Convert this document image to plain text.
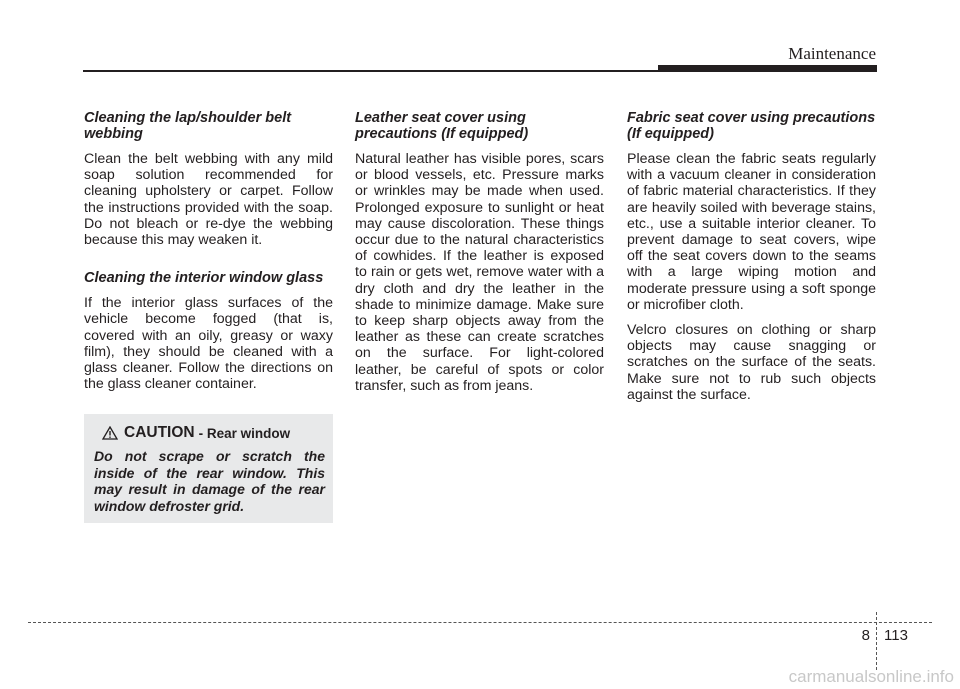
Maintenance
Cleaning the lap/shoulder belt webbing

Clean the belt webbing with any mild soap solution recommended for cleaning upholstery or carpet. Follow the instructions provided with the soap. Do not bleach or re-dye the webbing because this may weaken it.

Cleaning the interior window glass

If the interior glass surfaces of the vehicle become fogged (that is, covered with an oily, greasy or waxy film), they should be cleaned with a glass cleaner. Follow the directions on the glass cleaner container.

CAUTION - Rear window

Do not scrape or scratch the inside of the rear window. This may result in damage of the rear window defroster grid.

Leather seat cover using precautions (If equipped)

Natural leather has visible pores, scars or blood vessels, etc. Pressure marks or wrinkles may be made when used. Prolonged exposure to sunlight or heat may cause discoloration. These things occur due to the natural characteristics of cowhides. If the leather is exposed to rain or gets wet, remove water with a dry cloth and dry the leather in the shade to minimize damage. Make sure to keep sharp objects away from the leather as these can create scratches on the surface. For light-colored leather, be careful of spots or color transfer, such as from jeans.

Fabric seat cover using precautions (If equipped)

Please clean the fabric seats regularly with a vacuum cleaner in consideration of fabric material characteristics. If they are heavily soiled with beverage stains, etc., use a suitable interior cleaner. To prevent damage to seat covers, wipe off the seat covers down to the seams with a large wiping motion and moderate pressure using a soft sponge or microfiber cloth.

Velcro closures on clothing or sharp objects may cause snagging or scratches on the surface of the seats. Make sure not to rub such objects against the surface.

8 113
carmanualsonline.info
